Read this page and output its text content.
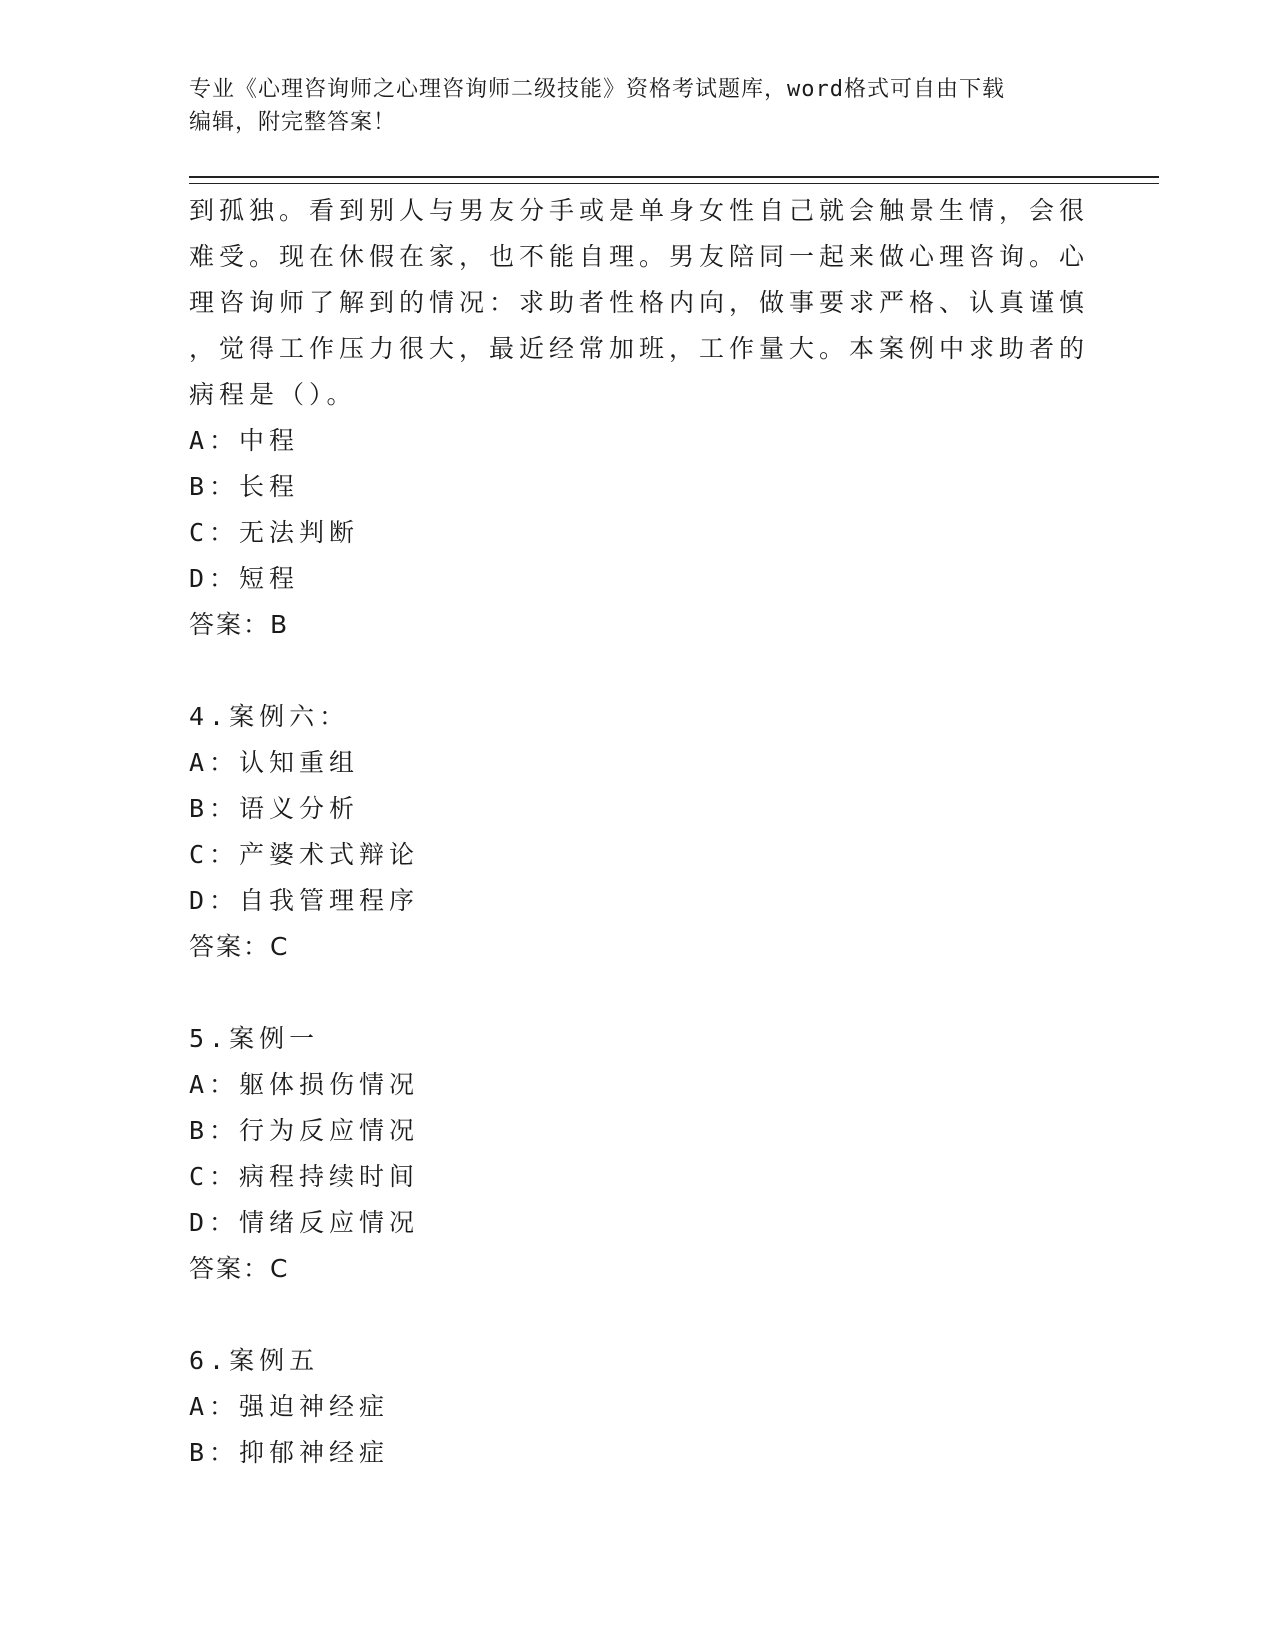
专业《心理咨询师之心理咨询师二级技能》资格考试题库，word格式可自由下载
编辑，附完整答案！
到孤独。看到别人与男友分手或是单身女性自己就会触景生情，会很
难受。现在休假在家，也不能自理。男友陪同一起来做心理咨询。心
理咨询师了解到的情况：求助者性格内向，做事要求严格、认真谨慎
，觉得工作压力很大，最近经常加班，工作量大。本案例中求助者的
病程是（）。
A：中程
B：长程
C：无法判断
D：短程
答案：B
4.案例六：
A：认知重组
B：语义分析
C：产婆术式辩论
D：自我管理程序
答案：C
5.案例一
A：躯体损伤情况
B：行为反应情况
C：病程持续时间
D：情绪反应情况
答案：C
6.案例五
A：强迫神经症
B：抑郁神经症
